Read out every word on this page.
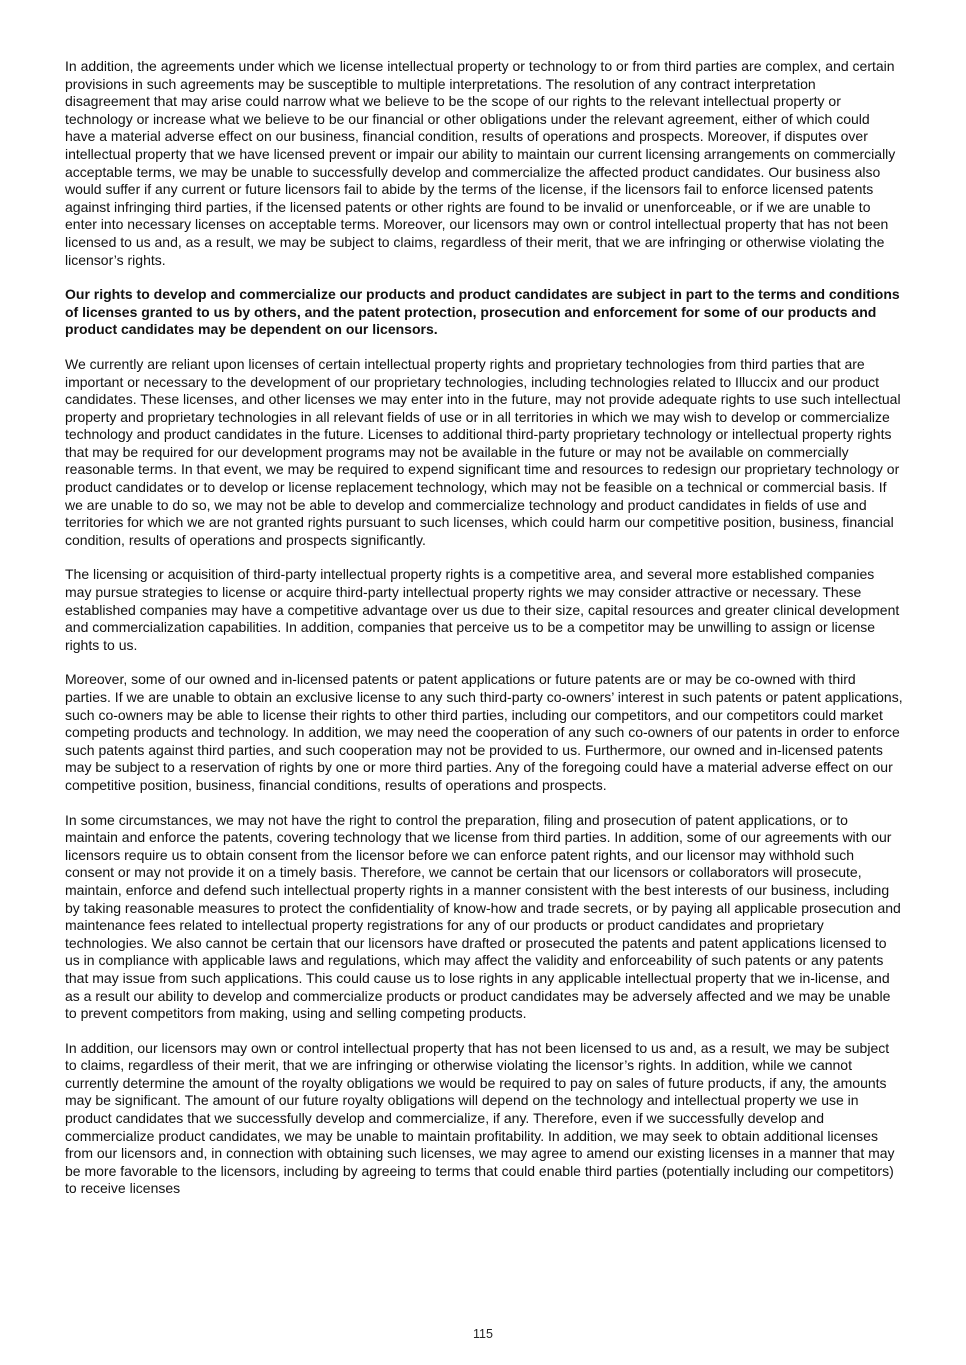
In addition, the agreements under which we license intellectual property or technology to or from third parties are complex, and certain provisions in such agreements may be susceptible to multiple interpretations. The resolution of any contract interpretation disagreement that may arise could narrow what we believe to be the scope of our rights to the relevant intellectual property or technology or increase what we believe to be our financial or other obligations under the relevant agreement, either of which could have a material adverse effect on our business, financial condition, results of operations and prospects. Moreover, if disputes over intellectual property that we have licensed prevent or impair our ability to maintain our current licensing arrangements on commercially acceptable terms, we may be unable to successfully develop and commercialize the affected product candidates. Our business also would suffer if any current or future licensors fail to abide by the terms of the license, if the licensors fail to enforce licensed patents against infringing third parties, if the licensed patents or other rights are found to be invalid or unenforceable, or if we are unable to enter into necessary licenses on acceptable terms. Moreover, our licensors may own or control intellectual property that has not been licensed to us and, as a result, we may be subject to claims, regardless of their merit, that we are infringing or otherwise violating the licensor’s rights.

Our rights to develop and commercialize our products and product candidates are subject in part to the terms and conditions of licenses granted to us by others, and the patent protection, prosecution and enforcement for some of our products and product candidates may be dependent on our licensors.

We currently are reliant upon licenses of certain intellectual property rights and proprietary technologies from third parties that are important or necessary to the development of our proprietary technologies, including technologies related to Illuccix and our product candidates. These licenses, and other licenses we may enter into in the future, may not provide adequate rights to use such intellectual property and proprietary technologies in all relevant fields of use or in all territories in which we may wish to develop or commercialize technology and product candidates in the future. Licenses to additional third-party proprietary technology or intellectual property rights that may be required for our development programs may not be available in the future or may not be available on commercially reasonable terms. In that event, we may be required to expend significant time and resources to redesign our proprietary technology or product candidates or to develop or license replacement technology, which may not be feasible on a technical or commercial basis. If we are unable to do so, we may not be able to develop and commercialize technology and product candidates in fields of use and territories for which we are not granted rights pursuant to such licenses, which could harm our competitive position, business, financial condition, results of operations and prospects significantly.

The licensing or acquisition of third-party intellectual property rights is a competitive area, and several more established companies may pursue strategies to license or acquire third-party intellectual property rights we may consider attractive or necessary. These established companies may have a competitive advantage over us due to their size, capital resources and greater clinical development and commercialization capabilities. In addition, companies that perceive us to be a competitor may be unwilling to assign or license rights to us.

Moreover, some of our owned and in-licensed patents or patent applications or future patents are or may be co-owned with third parties. If we are unable to obtain an exclusive license to any such third-party co-owners’ interest in such patents or patent applications, such co-owners may be able to license their rights to other third parties, including our competitors, and our competitors could market competing products and technology. In addition, we may need the cooperation of any such co-owners of our patents in order to enforce such patents against third parties, and such cooperation may not be provided to us. Furthermore, our owned and in-licensed patents may be subject to a reservation of rights by one or more third parties. Any of the foregoing could have a material adverse effect on our competitive position, business, financial conditions, results of operations and prospects.

In some circumstances, we may not have the right to control the preparation, filing and prosecution of patent applications, or to maintain and enforce the patents, covering technology that we license from third parties. In addition, some of our agreements with our licensors require us to obtain consent from the licensor before we can enforce patent rights, and our licensor may withhold such consent or may not provide it on a timely basis. Therefore, we cannot be certain that our licensors or collaborators will prosecute, maintain, enforce and defend such intellectual property rights in a manner consistent with the best interests of our business, including by taking reasonable measures to protect the confidentiality of know-how and trade secrets, or by paying all applicable prosecution and maintenance fees related to intellectual property registrations for any of our products or product candidates and proprietary technologies. We also cannot be certain that our licensors have drafted or prosecuted the patents and patent applications licensed to us in compliance with applicable laws and regulations, which may affect the validity and enforceability of such patents or any patents that may issue from such applications. This could cause us to lose rights in any applicable intellectual property that we in-license, and as a result our ability to develop and commercialize products or product candidates may be adversely affected and we may be unable to prevent competitors from making, using and selling competing products.

In addition, our licensors may own or control intellectual property that has not been licensed to us and, as a result, we may be subject to claims, regardless of their merit, that we are infringing or otherwise violating the licensor’s rights. In addition, while we cannot currently determine the amount of the royalty obligations we would be required to pay on sales of future products, if any, the amounts may be significant. The amount of our future royalty obligations will depend on the technology and intellectual property we use in product candidates that we successfully develop and commercialize, if any. Therefore, even if we successfully develop and commercialize product candidates, we may be unable to maintain profitability. In addition, we may seek to obtain additional licenses from our licensors and, in connection with obtaining such licenses, we may agree to amend our existing licenses in a manner that may be more favorable to the licensors, including by agreeing to terms that could enable third parties (potentially including our competitors) to receive licenses

115
